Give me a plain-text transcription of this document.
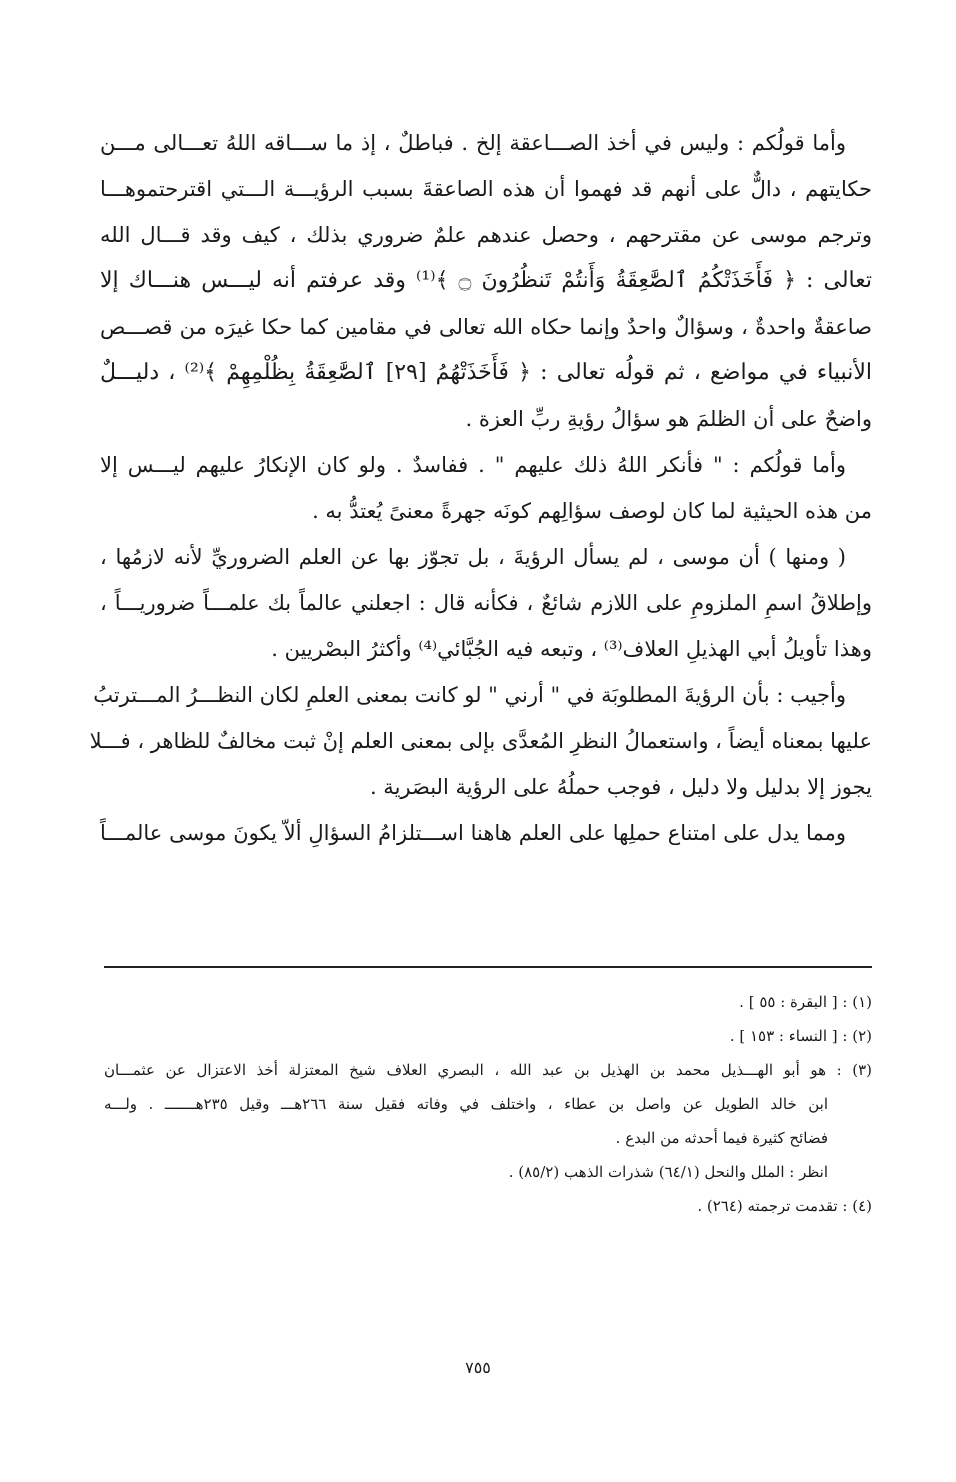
وأما قولُكم : وليس في أخذ الصـــاعقة إلخ . فباطلٌ ، إذ ما ســـاقه اللهُ تعـــالى مـــن
حكايتهم ، دالٌّ على أنهم قد فهموا أن هذه الصاعقةَ بسبب الرؤيـــة الـــتي اقترحتموهـــا
وترجم موسى عن مقترحهم ، وحصل عندهم علمٌ ضروري بذلك ، كيف وقد قـــال الله
تعالى : ﴿ فَأَخَذَتْكُمُ ٱلصَّٰعِقَةُ وَأَنتُمْ تَنظُرُونَ ۝ ﴾⁽¹⁾ وقد عرفتم أنه ليـــس هنـــاك إلا
صاعقةٌ واحدةٌ ، وسؤالٌ واحدٌ وإنما حكاه الله تعالى في مقامين كما حكا غيرَه من قصـــص
الأنبياء في مواضع ، ثم قولُه تعالى : ﴿ فَأَخَذَتْهُمُ [٢٩] ٱلصَّٰعِقَةُ بِظُلْمِهِمْ ﴾⁽²⁾ ، دليـــلٌ
واضحٌ على أن الظلمَ هو سؤالُ رؤيةِ ربِّ العزة .

وأما قولُكم : " فأنكر اللهُ ذلك عليهم " . ففاسدٌ . ولو كان الإنكارُ عليهم ليـــس إلا
من هذه الحيثية لما كان لوصف سؤالِهم كونَه جهرةً معنىً يُعتدُّ به .

( ومنها ) أن موسى ، لم يسأل الرؤيةَ ، بل تجوّز بها عن العلم الضروريِّ لأنه لازمُها ،
وإطلاقُ اسمِ الملزومِ على اللازم شائعٌ ، فكأنه قال : اجعلني عالماً بك علمـــاً ضروريـــاً ،
وهذا تأويلُ أبي الهذيلِ العلاف⁽³⁾ ، وتبعه فيه الجُبَّائي⁽⁴⁾ وأكثرُ البصْريين .

وأجيب : بأن الرؤيةَ المطلوبَة في " أرني " لو كانت بمعنى العلمِ لكان النظـــرُ المـــترتبُ
عليها بمعناه أيضاً ، واستعمالُ النظرِ المُعدَّى بإلى بمعنى العلم إنْ ثبت مخالفٌ للظاهر ، فـــلا
يجوز إلا بدليل ولا دليل ، فوجب حملُهُ على الرؤية البصَرية .

ومما يدل على امتناع حملِها على العلم هاهنا اســـتلزامُ السؤالِ ألاّ يكونَ موسى عالمـــاً

(١) : [ البقرة : ٥٥ ] .

(٢) : [ النساء : ١٥٣ ] .

(٣) : هو أبو الهـــذيل محمد بن الهذيل بن عبد الله ، البصري العلاف شيخ المعتزلة أخذ الاعتزال عن عثمـــان
ابن خالد الطويل عن واصل بن عطاء ، واختلف في وفاته فقيل سنة ٢٦٦هـــ وقيل ٢٣٥هـــــــ . ولـــه
فضائح كثيرة فيما أحدثه من البدع .
انظر : الملل والنحل (٦٤/١) شذرات الذهب (٨٥/٢) .

(٤) : تقدمت ترجمته (٢٦٤) .

٧٥٥
